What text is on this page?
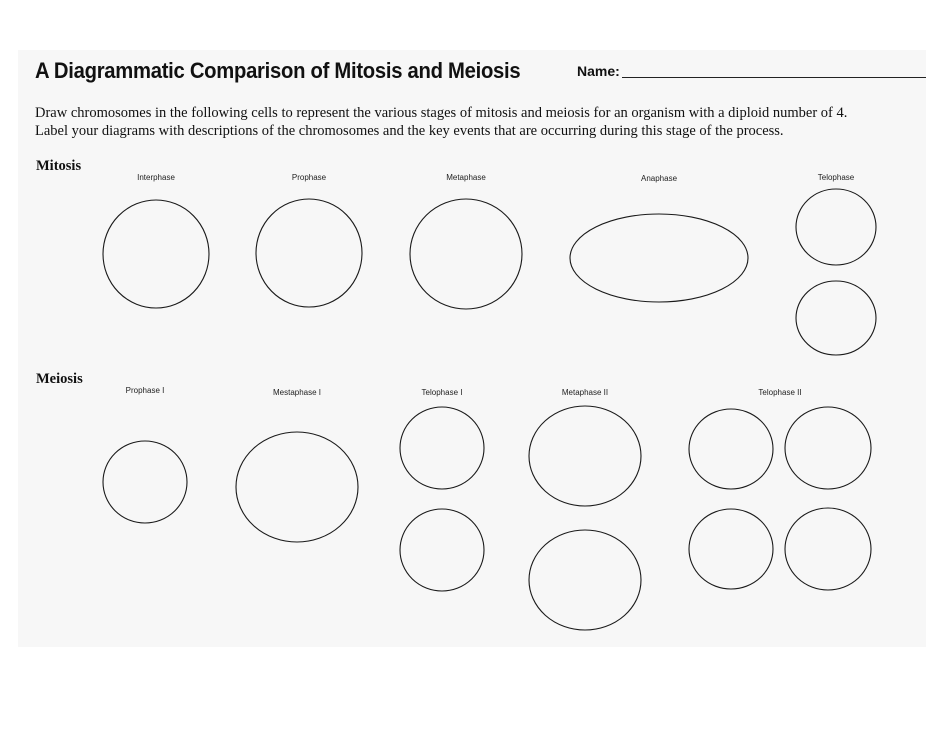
A Diagrammatic Comparison of Mitosis and Meiosis	Name:
Draw chromosomes in the following cells to represent the various stages of mitosis and meiosis for an organism with a diploid number of 4.
Label your diagrams with descriptions of the chromosomes and the key events that are occurring during this stage of the process.
Mitosis
Interphase	Prophase	Metaphase	Anaphase	Telophase
Meiosis
Prophase I	Mestaphase I	Telophase I	Metaphase II	Telophase II
